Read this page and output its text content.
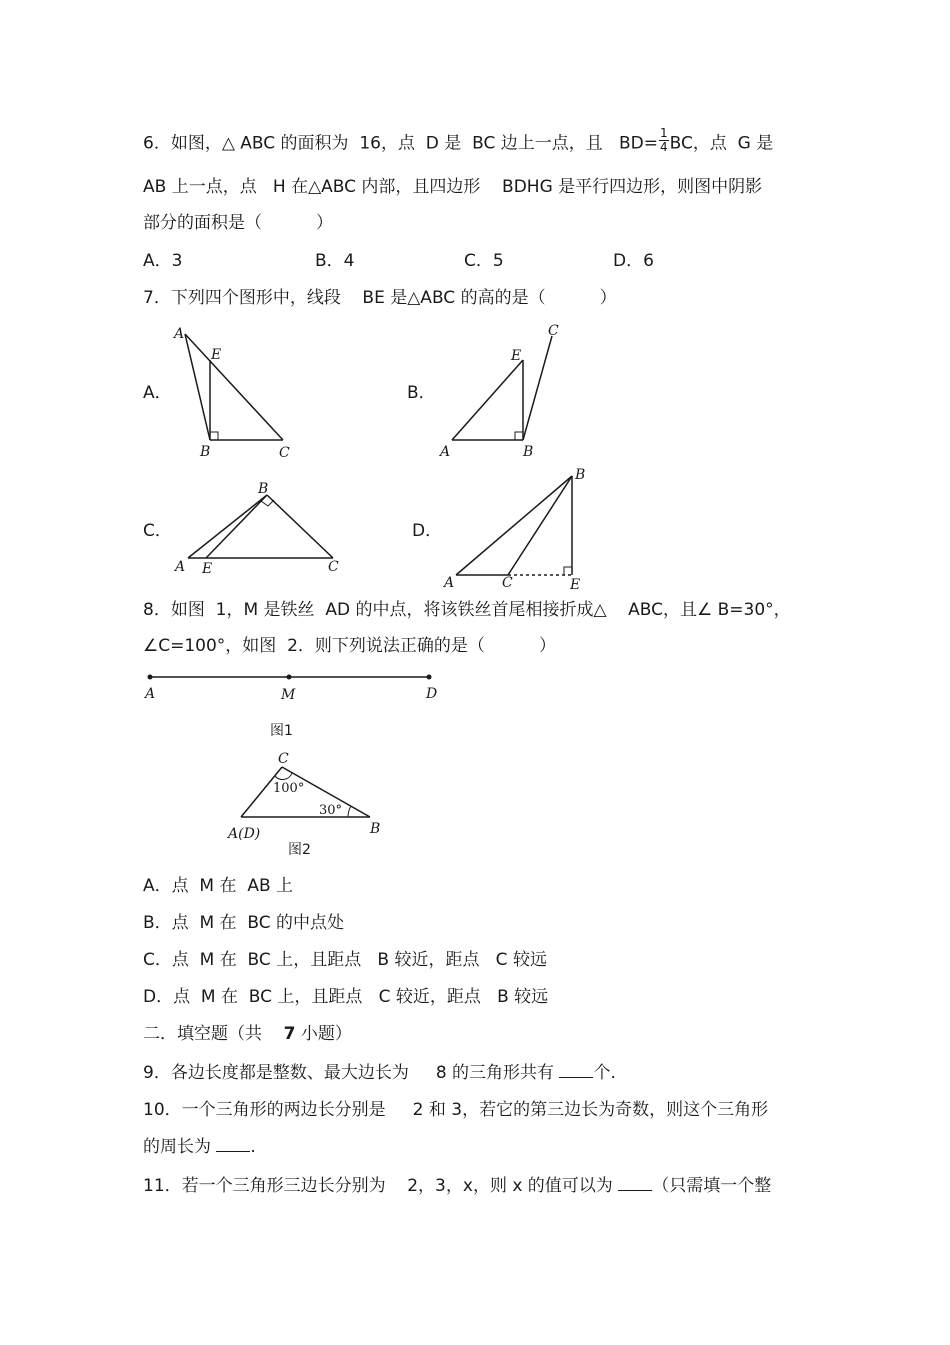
6．如图，△ ABC 的面积为  16，点  D 是  BC 边上一点，且   $BD= \frac{1}{4}$ BC，点  G 是
AB 上一点，点   H 在△ABC 内部，且四边形    BDHG 是平行四边形，则图中阴影
部分的面积是（          ）
A．3	B．4	C．5	D．6
7．下列四个图形中，线段    BE 是△ABC 的高的是（          ）
A．
A
E
B	C
B．
E
C
A	B
C．
B
A E	C
D．
B
A	C	E
8．如图  1，M 是铁丝  AD 的中点，将该铁丝首尾相接折成△    ABC，且∠ B=30°，
∠C=100°，如图  2．则下列说法正确的是（          ）
A	M	D
图1
C
100°
30°
A(D)	B
图2
A．点  M 在  AB 上
B．点  M 在  BC 的中点处
C．点  M 在  BC 上，且距点   B 较近，距点   C 较远
D．点  M 在  BC 上，且距点   C 较近，距点   B 较远
二．填空题（共    7 小题）
9．各边长度都是整数、最大边长为     8 的三角形共有 个.
10．一个三角形的两边长分别是     2 和 3，若它的第三边长为奇数，则这个三角形
的周长为 .
11．若一个三角形三边长分别为    2，3，x，则 x 的值可以为 （只需填一个整
